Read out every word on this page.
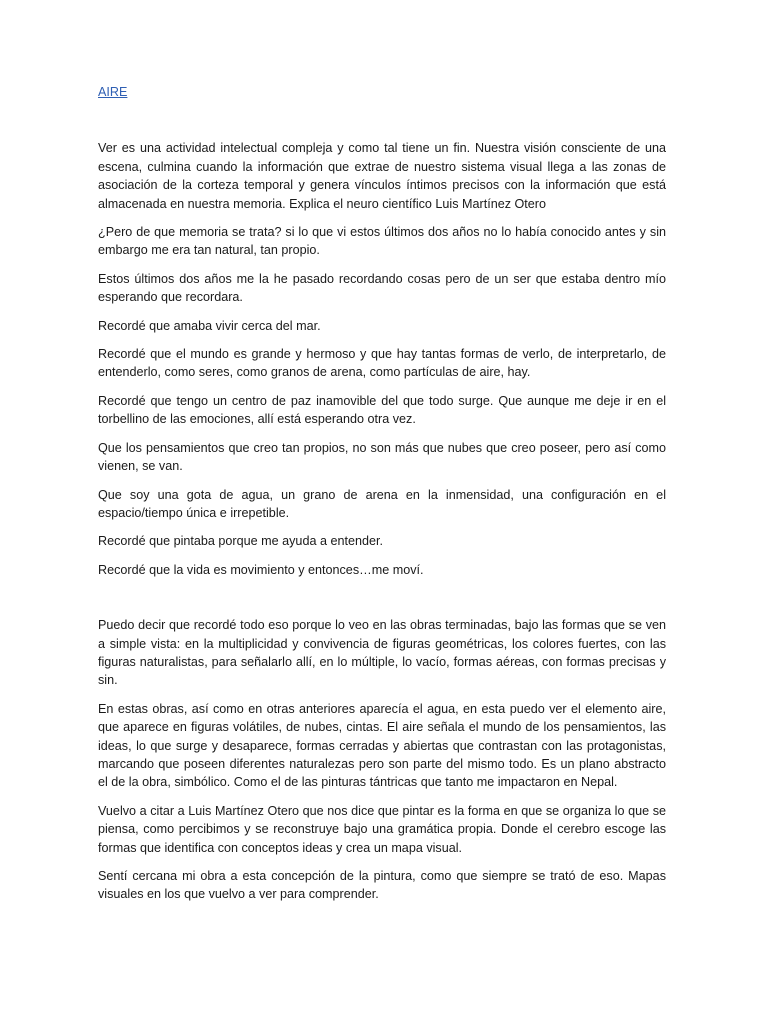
AIRE

Ver es una actividad intelectual compleja y como tal tiene un fin. Nuestra visión consciente de una escena, culmina cuando la información que extrae de nuestro sistema visual llega a las zonas de asociación de la corteza temporal y genera vínculos íntimos precisos con la información que está almacenada en nuestra memoria. Explica el neuro científico Luis Martínez Otero

¿Pero de que memoria se trata? si lo que vi estos últimos dos años no lo había conocido antes y sin embargo me era tan natural, tan propio.

Estos últimos dos años me la he pasado recordando cosas pero de un ser que estaba dentro mío esperando que recordara.

Recordé que amaba vivir cerca del mar.

Recordé que el mundo es grande y hermoso y que hay tantas formas de verlo, de interpretarlo, de entenderlo, como seres, como granos de arena, como partículas de aire, hay.

Recordé que tengo un centro de paz inamovible del que todo surge. Que aunque me deje ir en el torbellino de las emociones, allí está esperando otra vez.

Que los pensamientos que creo tan propios, no son más que nubes que creo poseer, pero así como vienen, se van.

Que soy una gota de agua, un grano de arena en la inmensidad, una configuración en el espacio/tiempo única e irrepetible.

Recordé que pintaba porque me ayuda a entender.

Recordé que la vida es movimiento y entonces…me moví.

Puedo decir que recordé todo eso porque lo veo en las obras terminadas, bajo las formas que se ven a simple vista: en la multiplicidad y convivencia de figuras geométricas, los colores fuertes, con las figuras naturalistas, para señalarlo allí, en lo múltiple, lo vacío, formas aéreas, con formas precisas y sin.

En estas obras, así como en otras anteriores aparecía el agua, en esta puedo ver el elemento aire, que aparece en figuras volátiles, de nubes, cintas. El aire señala el mundo de los pensamientos, las ideas, lo que surge y desaparece, formas cerradas y abiertas que contrastan con las protagonistas, marcando que poseen diferentes naturalezas pero son parte del mismo todo. Es un plano abstracto el de la obra, simbólico. Como el de las pinturas tántricas que tanto me impactaron en Nepal.

Vuelvo a citar a Luis Martínez Otero que nos dice que pintar es la forma en que se organiza lo que se piensa, como percibimos y se reconstruye bajo una gramática propia. Donde el cerebro escoge las formas que identifica con conceptos ideas y crea un mapa visual.

Sentí cercana mi obra a esta concepción de la pintura, como que siempre se trató de eso. Mapas visuales en los que vuelvo a ver para comprender.
